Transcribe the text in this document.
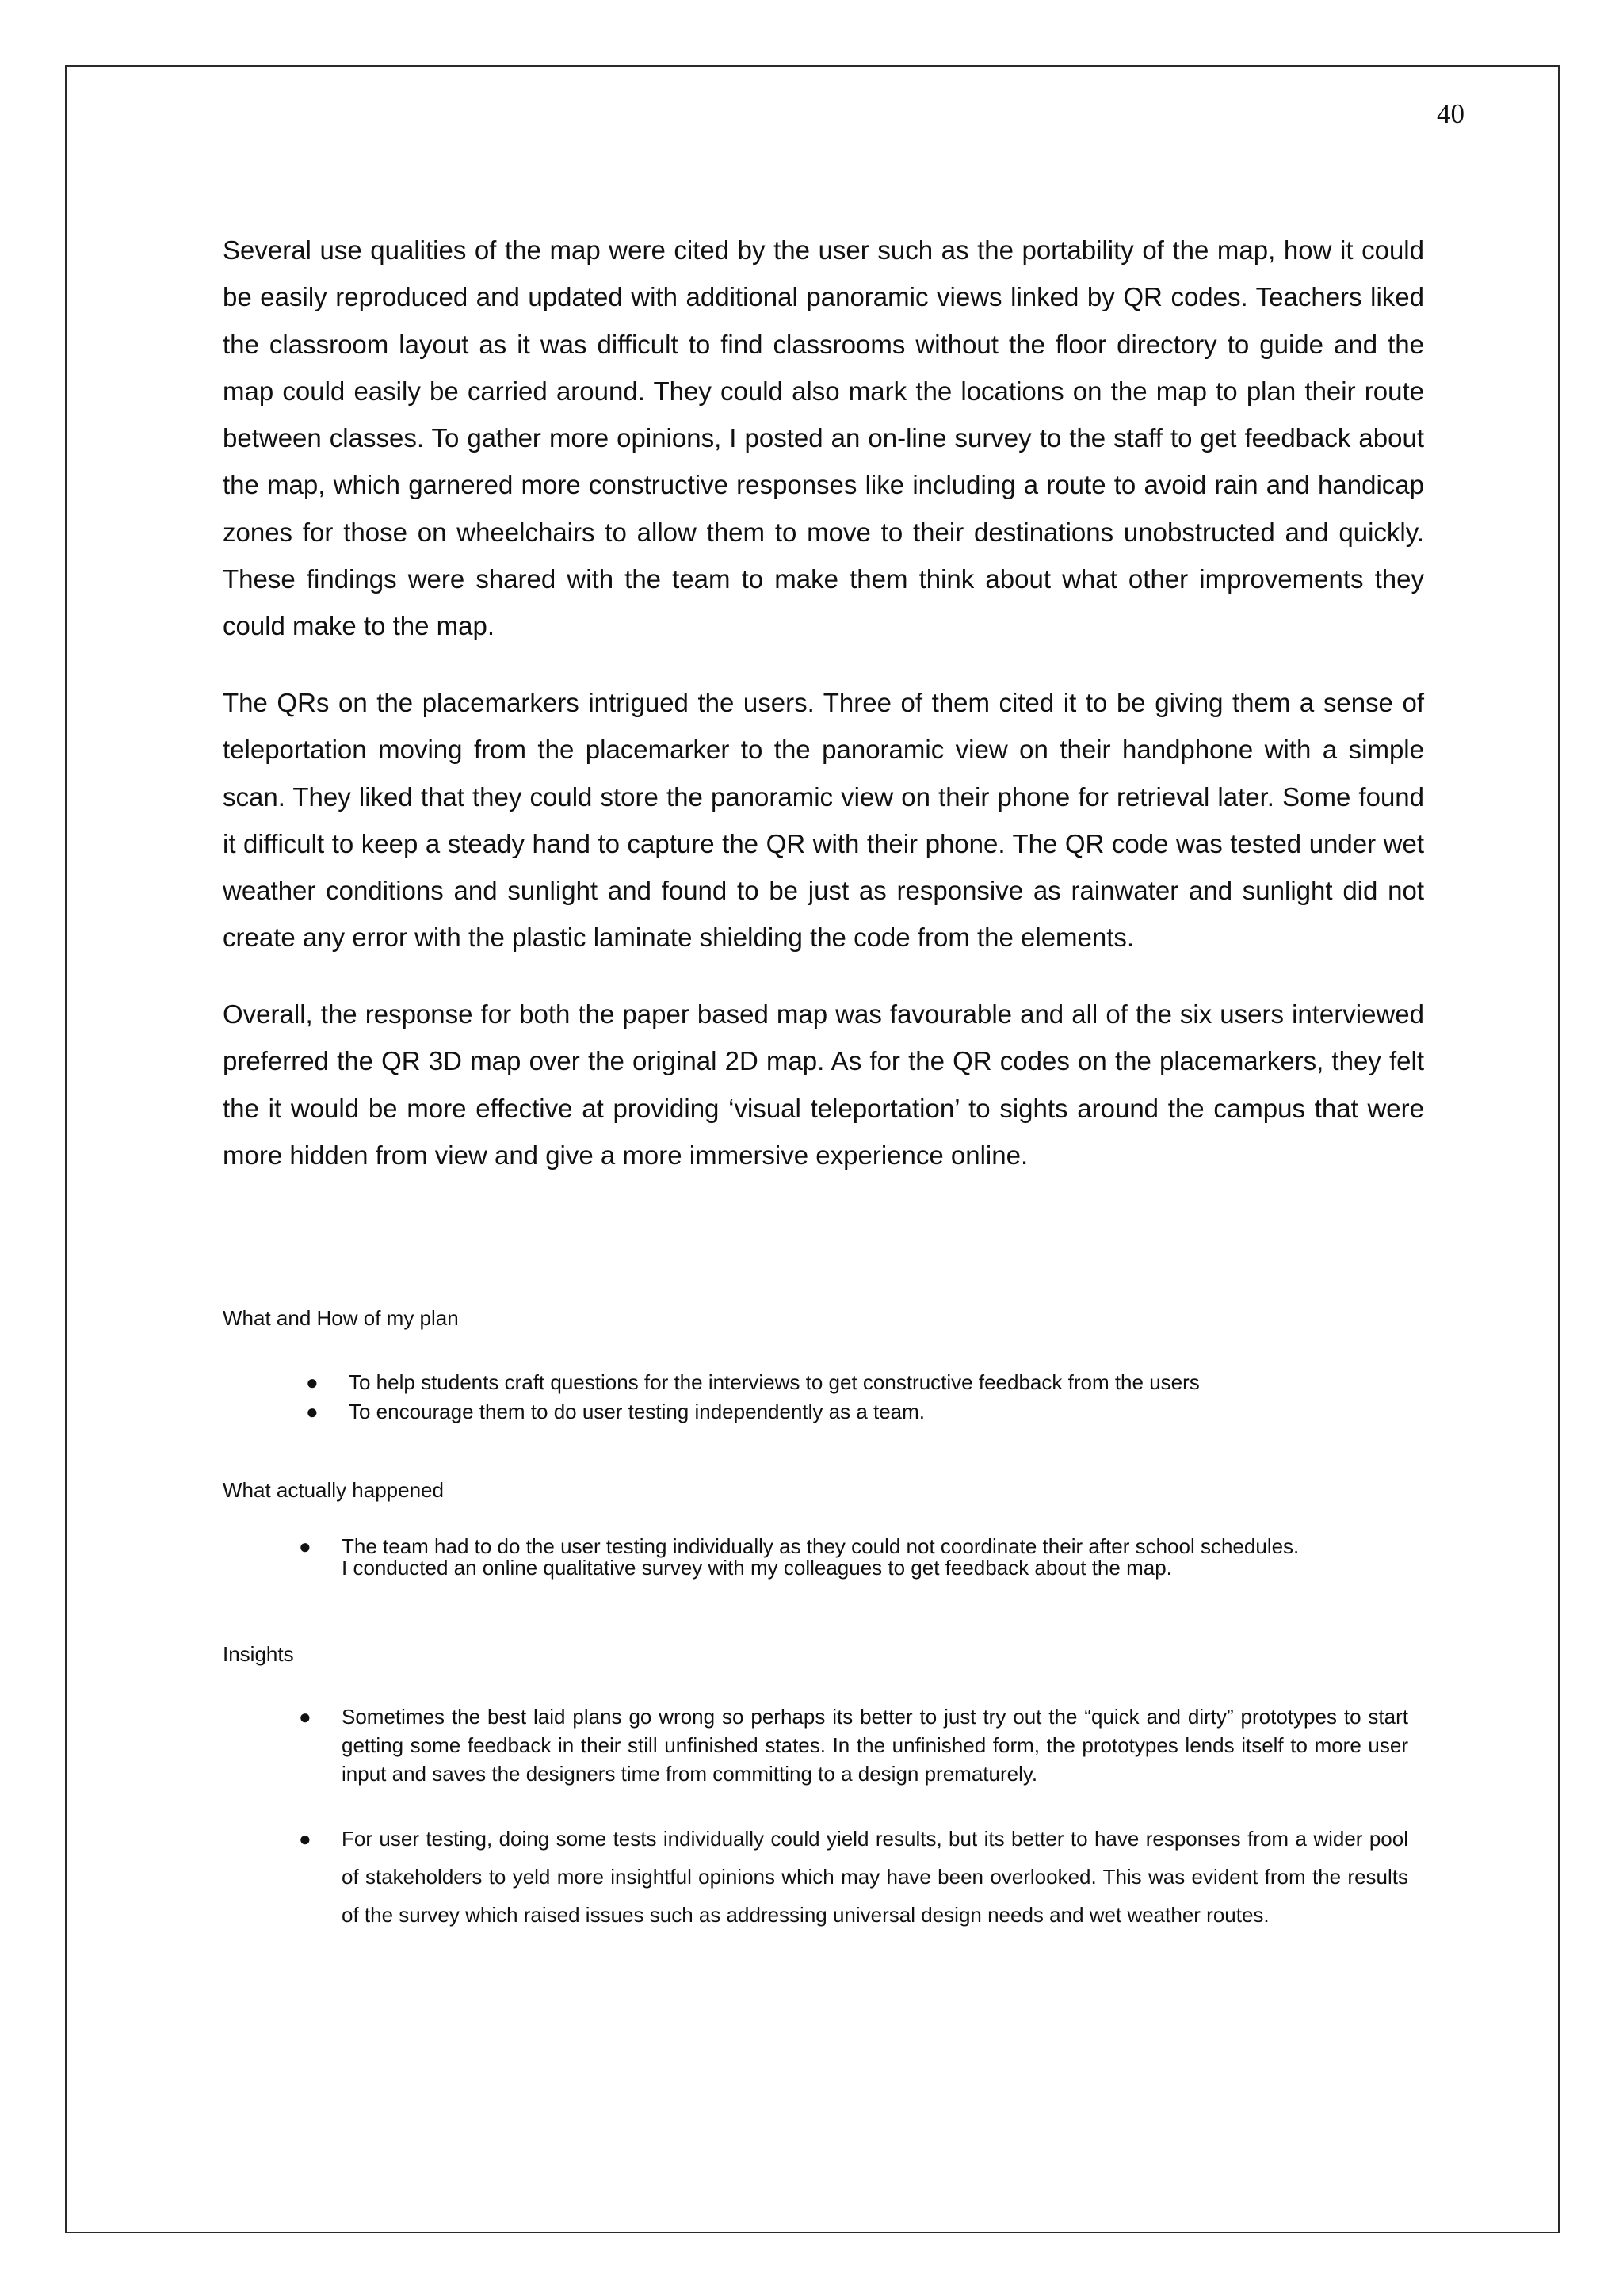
40

Several use qualities of the map were cited by the user such as the portability of the map, how it could be easily reproduced and updated with additional panoramic views linked by QR codes. Teachers liked the classroom layout as it was difficult to find classrooms without the floor directory to guide and the map could easily be carried around. They could also mark the locations on the map to plan their route between classes. To gather more opinions, I posted an on-line survey to the staff to get feedback about the map, which garnered more constructive responses like including a route to avoid rain and handicap zones for those on wheelchairs to allow them to move to their destinations unobstructed and quickly. These findings were shared with the team to make them think about what other improvements they could make to the map.

The QRs on the placemarkers intrigued the users. Three of them cited it to be giving them a sense of teleportation moving from the placemarker to the panoramic view on their handphone with a simple scan. They liked that they could store the panoramic view on their phone for retrieval later. Some found it difficult to keep a steady hand to capture the QR with their phone. The QR code was tested under wet weather conditions and sunlight and found to be just as responsive as rainwater and sunlight did not create any error with the plastic laminate shielding the code from the elements.

Overall, the response for both the paper based map was favourable and all of the six users interviewed preferred the QR 3D map over the original 2D map. As for the QR codes on the placemarkers, they felt the it would be more effective at providing ‘visual teleportation’ to sights around the campus that were more hidden from view and give a more immersive experience online.

What and How of my plan
● To help students craft questions for the interviews to get constructive feedback from the users
● To encourage them to do user testing independently as a team.
What actually happened
● The team had to do the user testing individually as they could not coordinate their after school schedules.
I conducted an online qualitative survey with my colleagues to get feedback about the map.
Insights
● Sometimes the best laid plans go wrong so perhaps its better to just try out the “quick and dirty” prototypes to start getting some feedback in their still unfinished states. In the unfinished form, the prototypes lends itself to more user input and saves the designers time from committing to a design prematurely.
● For user testing, doing some tests individually could yield results, but its better to have responses from a wider pool of stakeholders to yeld more insightful opinions which may have been overlooked. This was evident from the results of the survey which raised issues such as addressing universal design needs and wet weather routes.
